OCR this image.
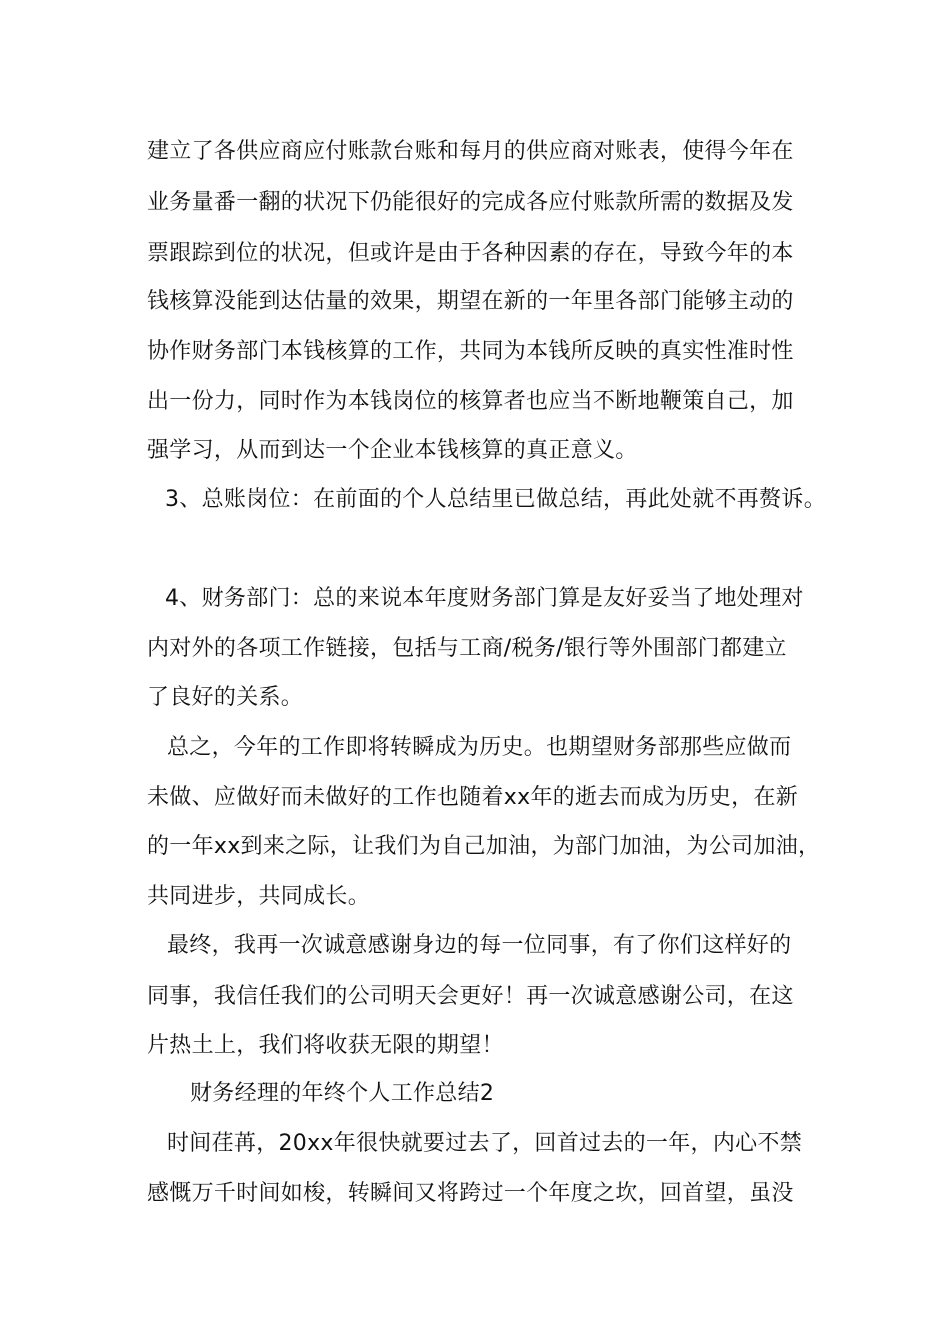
建立了各供应商应付账款台账和每月的供应商对账表，使得今年在
业务量番一翻的状况下仍能很好的完成各应付账款所需的数据及发
票跟踪到位的状况，但或许是由于各种因素的存在，导致今年的本
钱核算没能到达估量的效果，期望在新的一年里各部门能够主动的
协作财务部门本钱核算的工作，共同为本钱所反映的真实性准时性
出一份力，同时作为本钱岗位的核算者也应当不断地鞭策自己，加
强学习，从而到达一个企业本钱核算的真正意义。
3、总账岗位：在前面的个人总结里已做总结，再此处就不再赘诉。
4、财务部门：总的来说本年度财务部门算是友好妥当了地处理对
内对外的各项工作链接，包括与工商/税务/银行等外围部门都建立
了良好的关系。
总之，今年的工作即将转瞬成为历史。也期望财务部那些应做而
未做、应做好而未做好的工作也随着xx年的逝去而成为历史，在新
的一年xx到来之际，让我们为自己加油，为部门加油，为公司加油，
共同进步，共同成长。
最终，我再一次诚意感谢身边的每一位同事，有了你们这样好的
同事，我信任我们的公司明天会更好！再一次诚意感谢公司，在这
片热土上，我们将收获无限的期望！
财务经理的年终个人工作总结2
时间荏苒，20xx年很快就要过去了，回首过去的一年，内心不禁
感慨万千时间如梭，转瞬间又将跨过一个年度之坎，回首望，虽没
